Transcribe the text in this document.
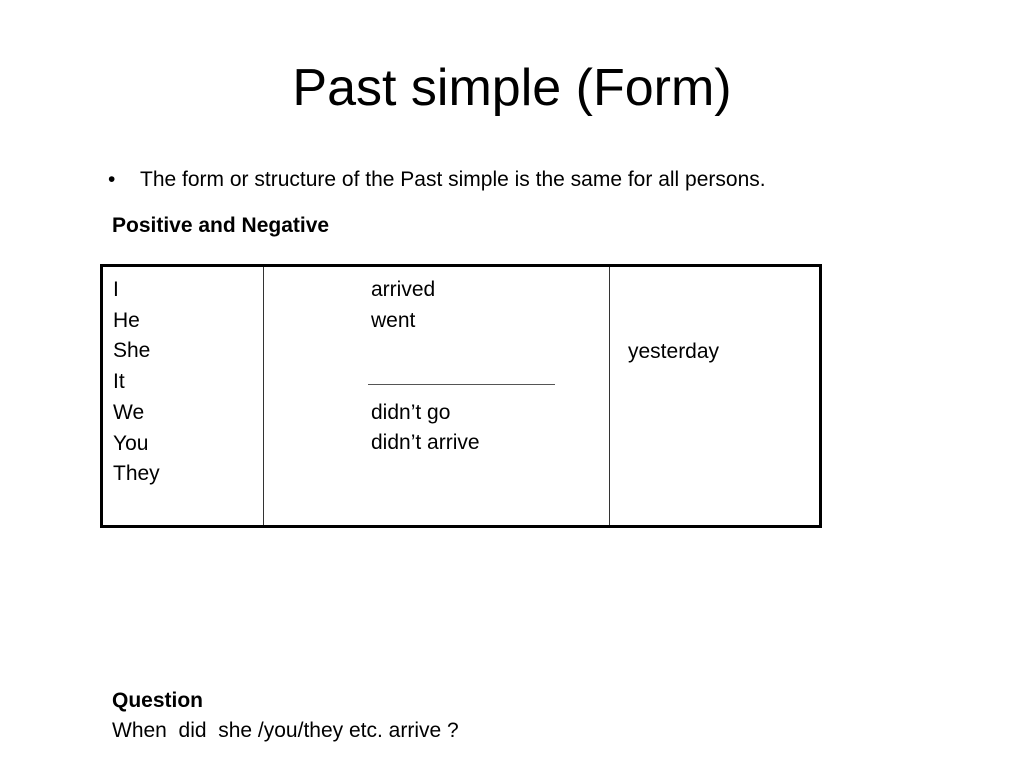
Past simple (Form)
• The form or structure of the Past simple is the same for all persons.
Positive and Negative
I
He
She
It
We
You
They
arrived
went
didn’t go
didn’t arrive
yesterday
Question
When  did  she /you/they etc. arrive ?
